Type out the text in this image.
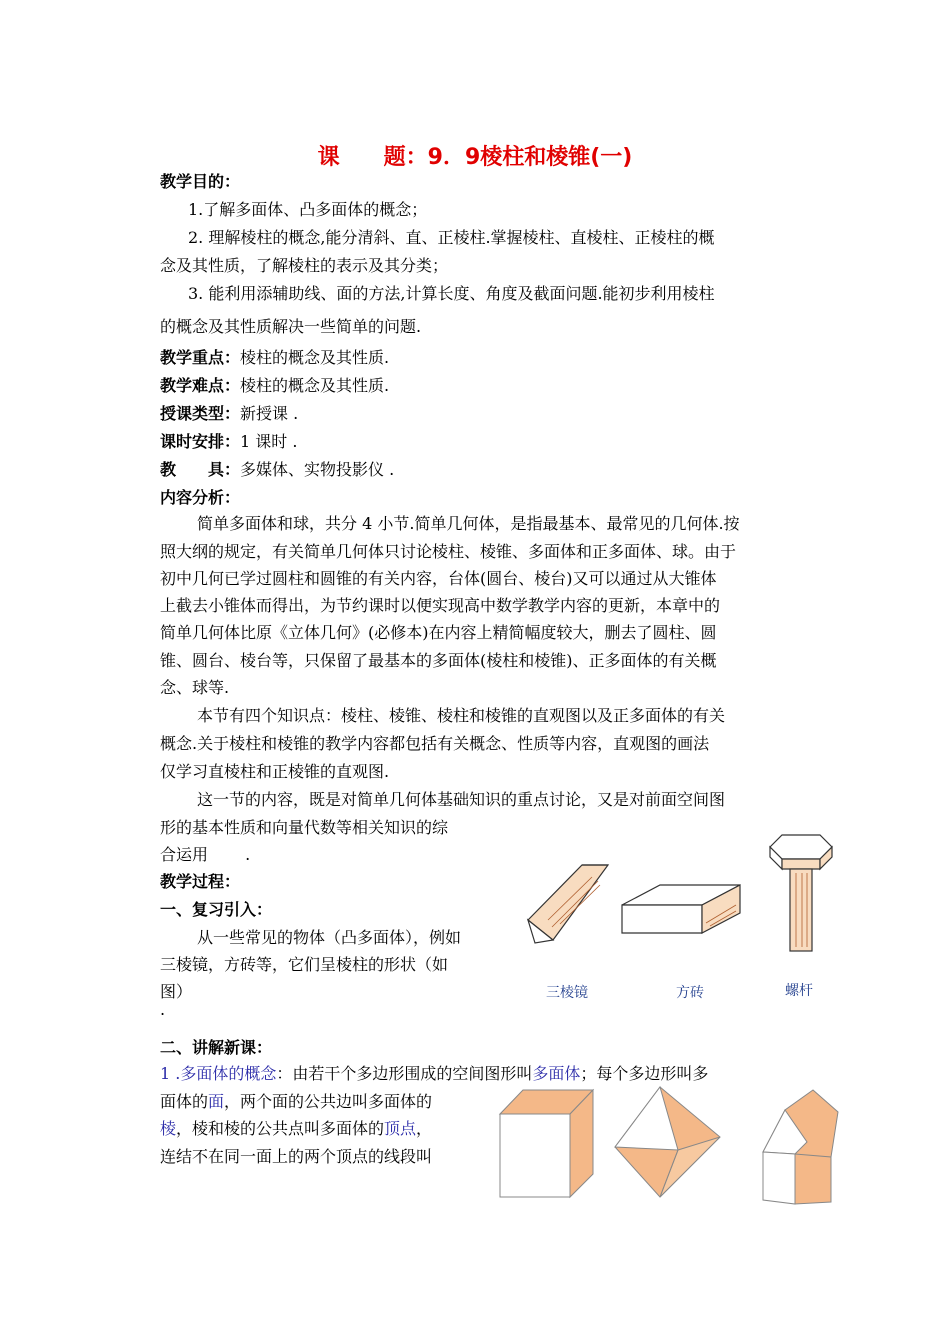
课 题：9．9棱柱和棱锥(一)
教学目的：
1.了解多面体、凸多面体的概念；
2. 理解棱柱的概念,能分清斜、直、正棱柱.掌握棱柱、直棱柱、正棱柱的概
念及其性质，了解棱柱的表示及其分类；
3. 能利用添辅助线、面的方法,计算长度、角度及截面问题.能初步利用棱柱
的概念及其性质解决一些简单的问题.
教学重点：棱柱的概念及其性质.
教学难点：棱柱的概念及其性质.
授课类型：新授课 .
课时安排：1 课时 .
教　　具：多媒体、实物投影仪 .
内容分析：
简单多面体和球，共分 4 小节.简单几何体，是指最基本、最常见的几何体.按
照大纲的规定，有关简单几何体只讨论棱柱、棱锥、多面体和正多面体、球。由于
初中几何已学过圆柱和圆锥的有关内容，台体(圆台、棱台)又可以通过从大锥体
上截去小锥体而得出，为节约课时以便实现高中数学教学内容的更新，本章中的
简单几何体比原《立体几何》(必修本)在内容上精简幅度较大，删去了圆柱、圆
锥、圆台、棱台等，只保留了最基本的多面体(棱柱和棱锥)、正多面体的有关概
念、球等.
本节有四个知识点：棱柱、棱锥、棱柱和棱锥的直观图以及正多面体的有关
概念.关于棱柱和棱锥的教学内容都包括有关概念、性质等内容，直观图的画法
仅学习直棱柱和正棱锥的直观图.
这一节的内容，既是对简单几何体基础知识的重点讨论，又是对前面空间图
形的基本性质和向量代数等相关知识的综
合运用　　 .
教学过程：
一、复习引入：
从一些常见的物体（凸多面体），例如
三棱镜，方砖等，它们呈棱柱的形状（如
图）
.
三棱镜	方砖	螺杆
二、讲解新课：
1 .多面体的概念：由若干个多边形围成的空间图形叫多面体；每个多边形叫多
面体的面，两个面的公共边叫多面体的
棱，棱和棱的公共点叫多面体的顶点，
连结不在同一面上的两个顶点的线段叫
